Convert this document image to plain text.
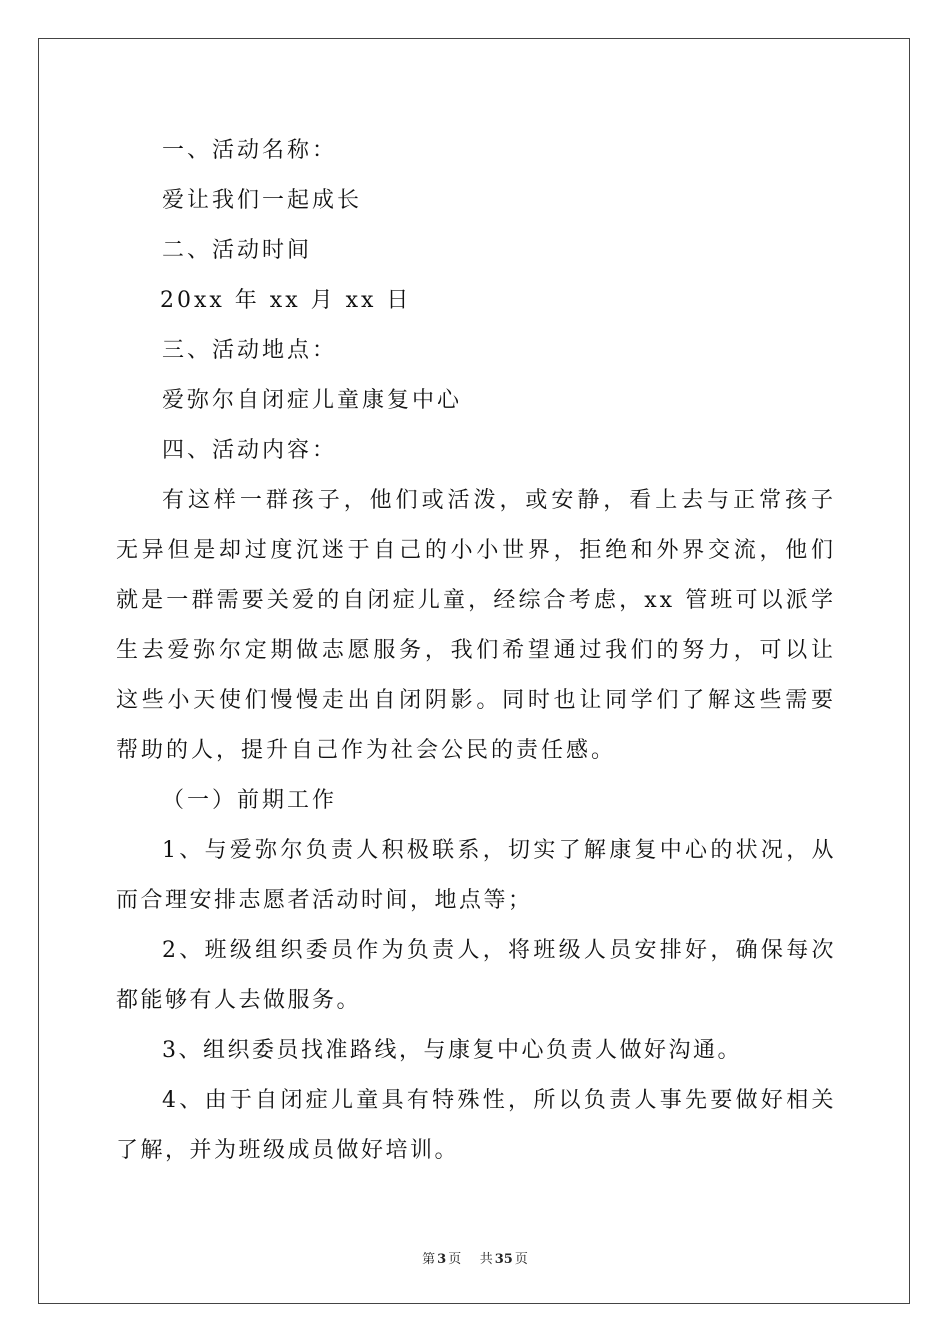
一、活动名称：
爱让我们一起成长
二、活动时间
20xx 年 xx 月 xx 日
三、活动地点：
爱弥尔自闭症儿童康复中心
四、活动内容：
有这样一群孩子，他们或活泼，或安静，看上去与正常孩子无异但是却过度沉迷于自己的小小世界，拒绝和外界交流，他们就是一群需要关爱的自闭症儿童，经综合考虑，xx 管班可以派学生去爱弥尔定期做志愿服务，我们希望通过我们的努力，可以让这些小天使们慢慢走出自闭阴影。同时也让同学们了解这些需要帮助的人，提升自己作为社会公民的责任感。
（一）前期工作
1、与爱弥尔负责人积极联系，切实了解康复中心的状况，从而合理安排志愿者活动时间，地点等；
2、班级组织委员作为负责人，将班级人员安排好，确保每次都能够有人去做服务。
3、组织委员找准路线，与康复中心负责人做好沟通。
4、由于自闭症儿童具有特殊性，所以负责人事先要做好相关了解，并为班级成员做好培训。
第 3 页 共 35 页
